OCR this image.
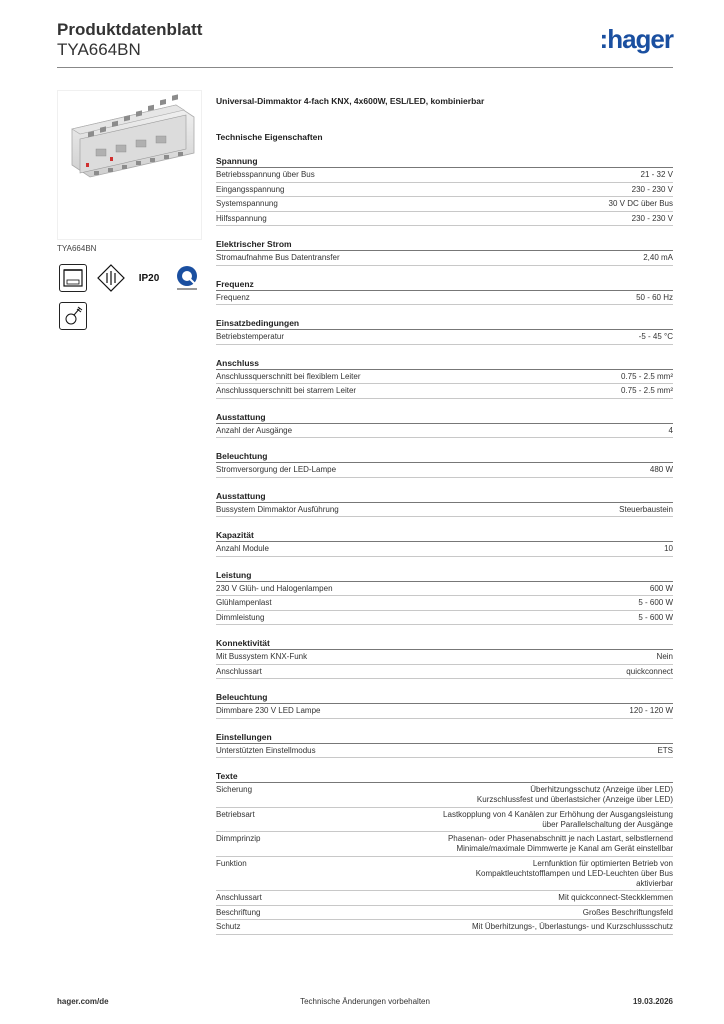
Produktdatenblatt
TYA664BN	:hager
TYA664BN
IP20
Universal-Dimmaktor 4-fach KNX, 4x600W, ESL/LED, kombinierbar
Technische Eigenschaften
Spannung
Betriebsspannung über Bus	21 - 32 V
Eingangsspannung	230 - 230 V
Systemspannung	30 V DC über Bus
Hilfsspannung	230 - 230 V
Elektrischer Strom
Stromaufnahme Bus Datentransfer	2,40 mA
Frequenz
Frequenz	50 - 60 Hz
Einsatzbedingungen
Betriebstemperatur	-5 - 45 °C
Anschluss
Anschlussquerschnitt bei flexiblem Leiter	0.75 - 2.5 mm²
Anschlussquerschnitt bei starrem Leiter	0.75 - 2.5 mm²
Ausstattung
Anzahl der Ausgänge	4
Beleuchtung
Stromversorgung der LED-Lampe	480 W
Ausstattung
Bussystem Dimmaktor Ausführung	Steuerbaustein
Kapazität
Anzahl Module	10
Leistung
230 V Glüh- und Halogenlampen	600 W
Glühlampenlast	5 - 600 W
Dimmleistung	5 - 600 W
Konnektivität
Mit Bussystem KNX-Funk	Nein
Anschlussart	quickconnect
Beleuchtung
Dimmbare 230 V LED Lampe	120 - 120 W
Einstellungen
Unterstützten Einstellmodus	ETS
Texte
Sicherung	Überhitzungsschutz (Anzeige über LED)
Kurzschlussfest und überlastsicher (Anzeige über LED)
Betriebsart	Lastkopplung von 4 Kanälen zur Erhöhung der Ausgangsleistung
über Parallelschaltung der Ausgänge
Dimmprinzip	Phasenan- oder Phasenabschnitt je nach Lastart, selbstlernend
Minimale/maximale Dimmwerte je Kanal am Gerät einstellbar
Funktion	Lernfunktion für optimierten Betrieb von
Kompaktleuchtstofflampen und LED-Leuchten über Bus
aktivierbar
Anschlussart	Mit quickconnect-Steckklemmen
Beschriftung	Großes Beschriftungsfeld
Schutz	Mit Überhitzungs-, Überlastungs- und Kurzschlussschutz
hager.com/de	Technische Änderungen vorbehalten	19.03.2026
